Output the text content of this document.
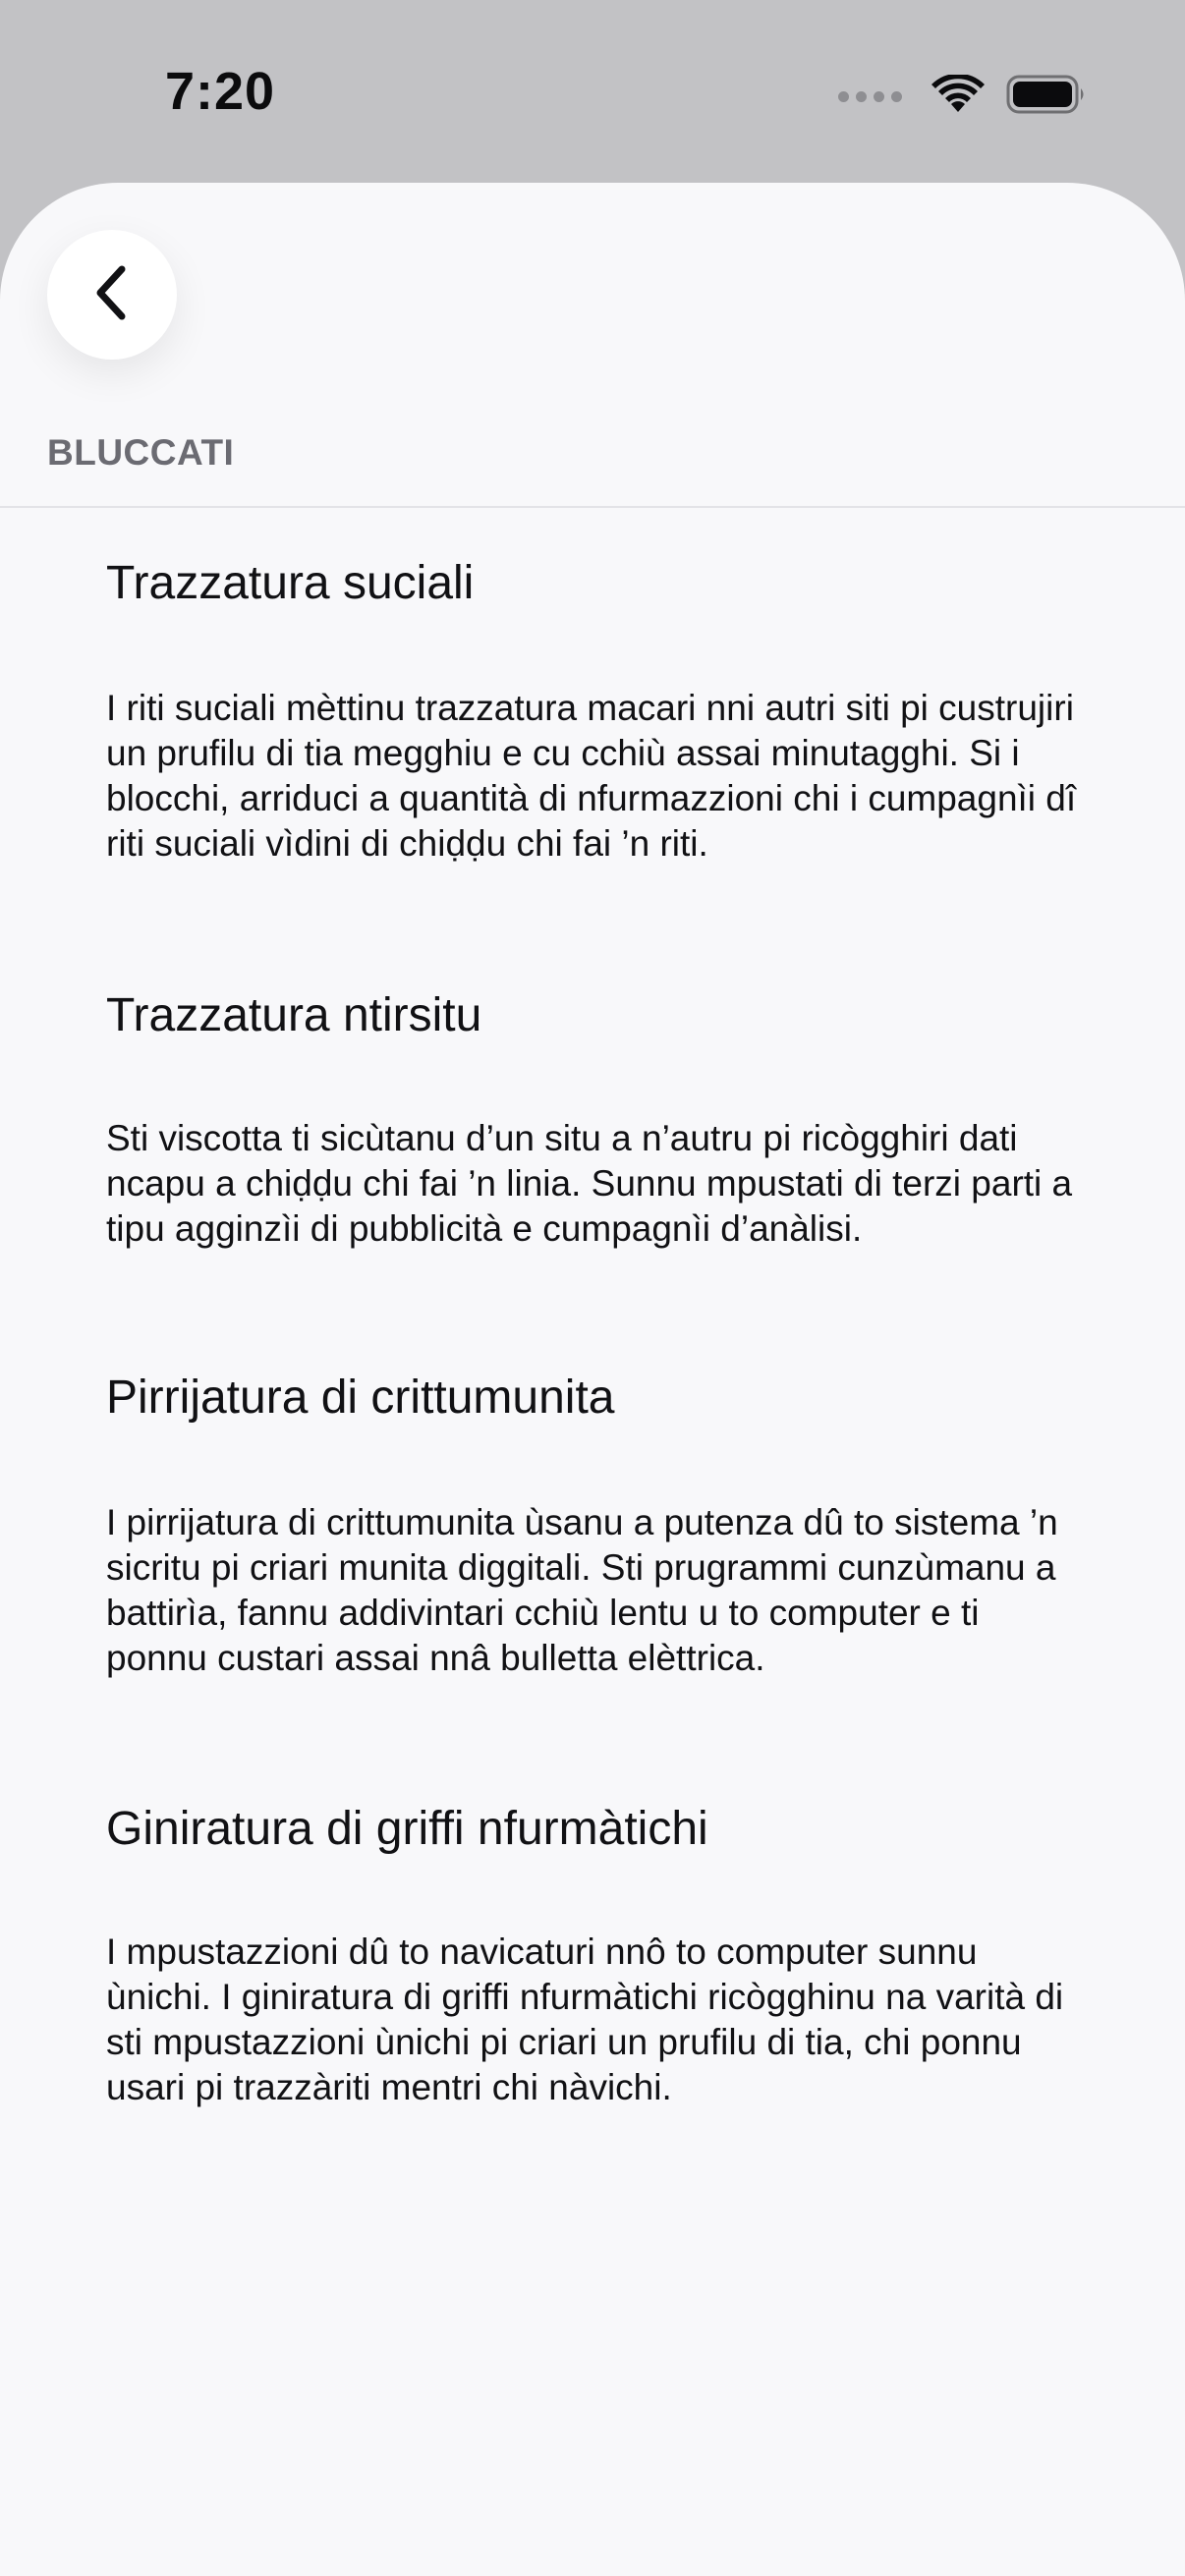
7:20
BLUCCATI
Trazzatura suciali
I riti suciali mèttinu trazzatura macari nni autri siti pi custrujiri un prufilu di tia megghiu e cu cchiù assai minutagghi. Si i blocchi, arriduci a quantità di nfurmazzioni chi i cumpagnìi dî riti suciali vìdini di chiḍḍu chi fai ’n riti.
Trazzatura ntirsitu
Sti viscotta ti sicùtanu d’un situ a n’autru pi ricògghiri dati ncapu a chiḍḍu chi fai ’n linia. Sunnu mpustati di terzi parti a tipu agginzìi di pubblicità e cumpagnìi d’anàlisi.
Pirrijatura di crittumunita
I pirrijatura di crittumunita ùsanu a putenza dû to sistema ’n sicritu pi criari munita diggitali. Sti prugrammi cunzùmanu a battirìa, fannu addivintari cchiù lentu u to computer e ti ponnu custari assai nnâ bulletta elèttrica.
Giniratura di griffi nfurmàtichi
I mpustazzioni dû to navicaturi nnô to computer sunnu ùnichi. I giniratura di griffi nfurmàtichi ricògghinu na varità di sti mpustazzioni ùnichi pi criari un prufilu di tia, chi ponnu usari pi trazzàriti mentri chi nàvichi.
